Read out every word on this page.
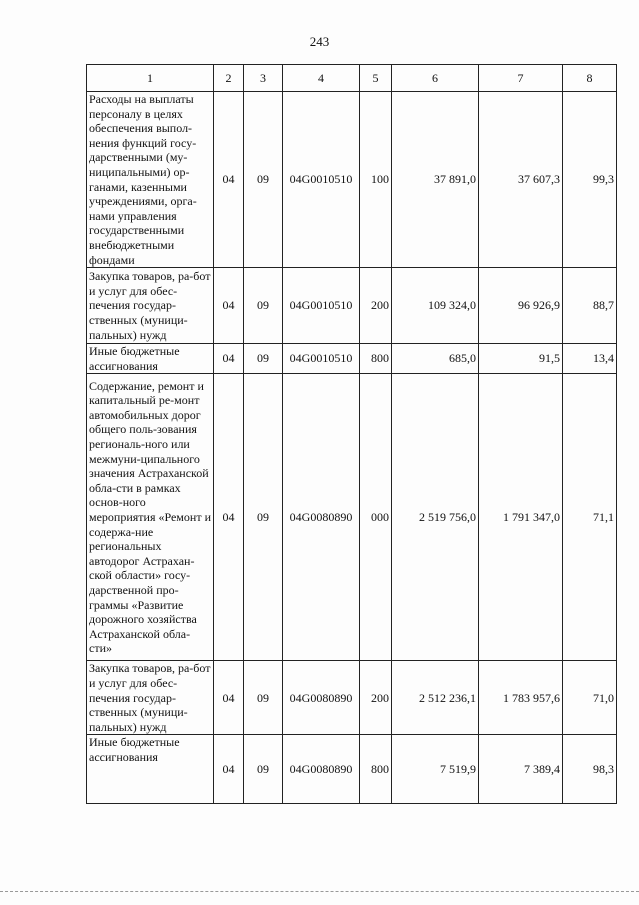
243
1	2	3	4	5	6	7	8
Расходы на выплаты персоналу в целях обеспечения выпол-нения функций госу-дарственными (му-ниципальными) ор-ганами, казенными учреждениями, орга-нами управления государственными внебюджетными фондами	04	09	04G0010510	100	37 891,0	37 607,3	99,3
Закупка товаров, ра-бот и услуг для обес-печения государ-ственных (муници-пальных) нужд	04	09	04G0010510	200	109 324,0	96 926,9	88,7
Иные бюджетные ассигнования	04	09	04G0010510	800	685,0	91,5	13,4
Содержание, ремонт и капитальный ре-монт автомобильных дорог общего поль-зования региональ-ного или межмуни-ципального значения Астраханской обла-сти в рамках основ-ного мероприятия «Ремонт и содержа-ние региональных автодорог Астрахан-ской области» госу-дарственной про-граммы «Развитие дорожного хозяйства Астраханской обла-сти»	04	09	04G0080890	000	2 519 756,0	1 791 347,0	71,1
Закупка товаров, ра-бот и услуг для обес-печения государ-ственных (муници-пальных) нужд	04	09	04G0080890	200	2 512 236,1	1 783 957,6	71,0
Иные бюджетные ассигнования	04	09	04G0080890	800	7 519,9	7 389,4	98,3
